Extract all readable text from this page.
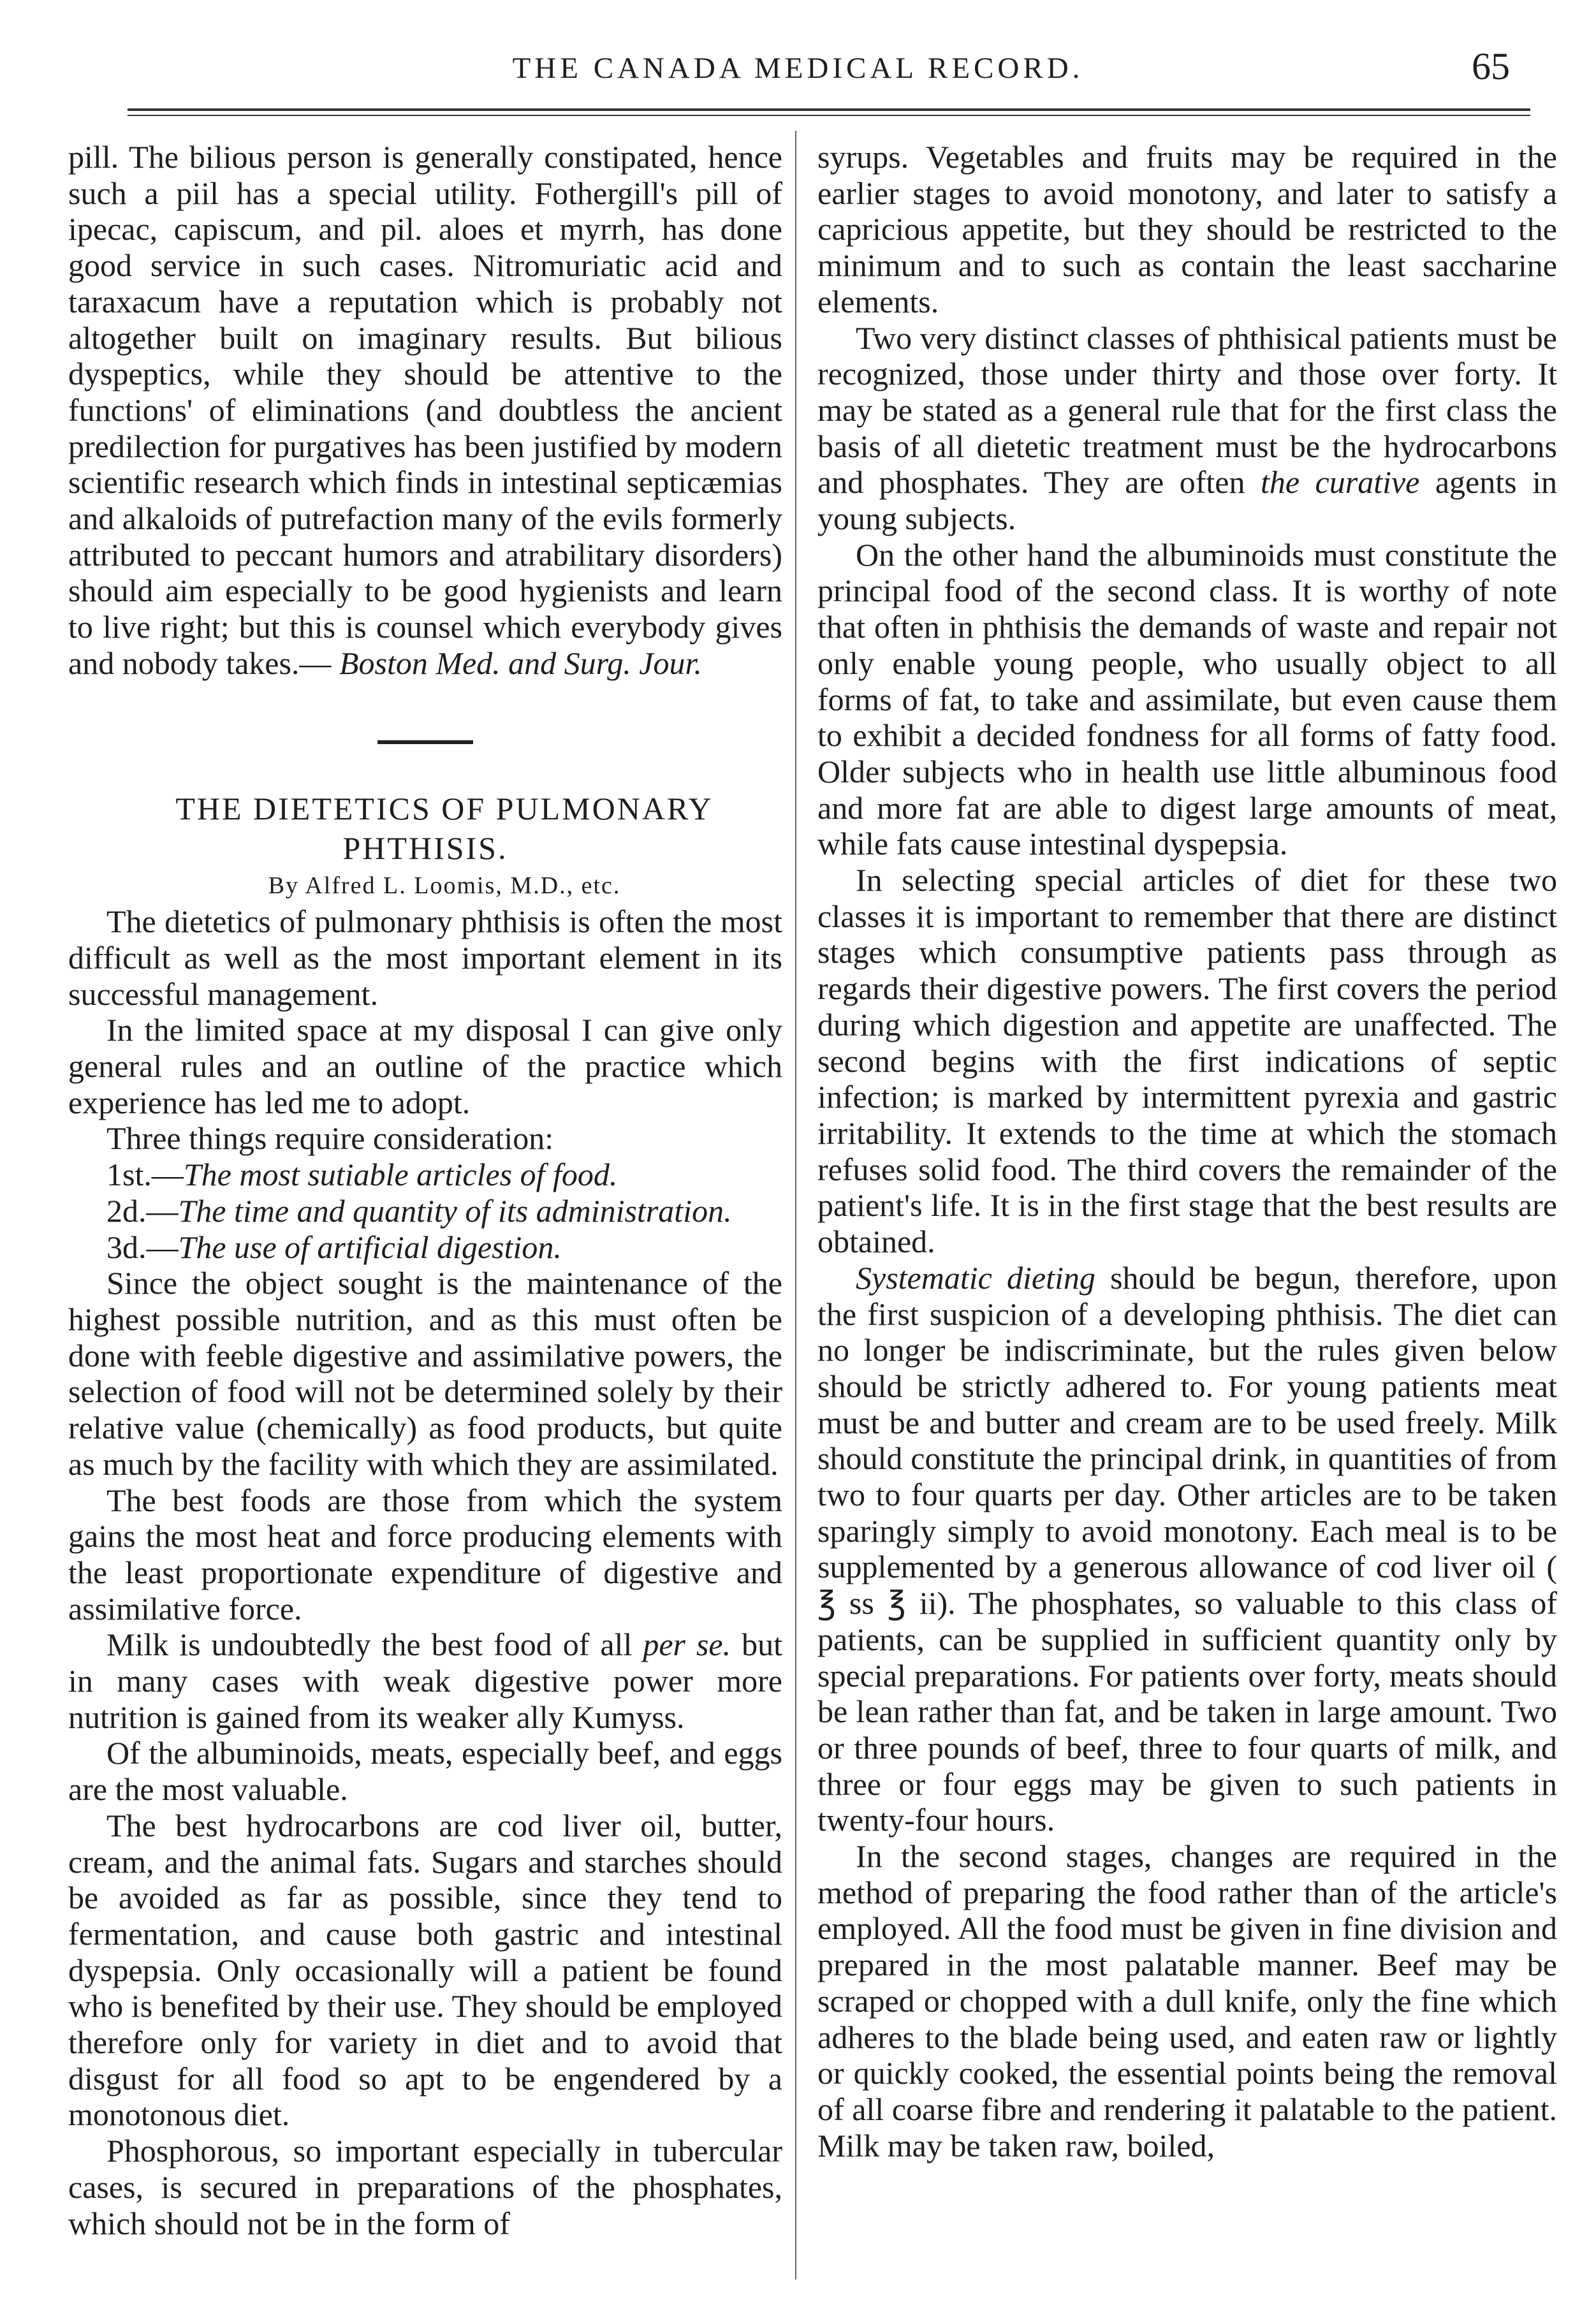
THE CANADA MEDICAL RECORD.	65

pill. The bilious person is generally constipated, hence such a piil has a special utility. Fothergill's pill of ipecac, capiscum, and pil. aloes et myrrh, has done good service in such cases. Nitromuriatic acid and taraxacum have a reputation which is probably not altogether built on imaginary results. But bilious dyspeptics, while they should be attentive to the functions' of eliminations (and doubtless the ancient predilection for purgatives has been justified by modern scientific research which finds in intestinal septicæmias and alkaloids of putrefaction many of the evils formerly attributed to peccant humors and atrabilitary disorders) should aim especially to be good hygienists and learn to live right; but this is counsel which everybody gives and nobody takes.— Boston Med. and Surg. Jour.

THE DIETETICS OF PULMONARY
PHTHISIS.

By Alfred L. Loomis, M.D., etc.

The dietetics of pulmonary phthisis is often the most difficult as well as the most important element in its successful management.

In the limited space at my disposal I can give only general rules and an outline of the practice which experience has led me to adopt.

Three things require consideration:

1st.—The most sutiable articles of food.

2d.—The time and quantity of its administration.

3d.—The use of artificial digestion.

Since the object sought is the maintenance of the highest possible nutrition, and as this must often be done with feeble digestive and assimilative powers, the selection of food will not be determined solely by their relative value (chemically) as food products, but quite as much by the facility with which they are assimilated.

The best foods are those from which the system gains the most heat and force producing elements with the least proportionate expenditure of digestive and assimilative force.

Milk is undoubtedly the best food of all per se. but in many cases with weak digestive power more nutrition is gained from its weaker ally Kumyss.

Of the albuminoids, meats, especially beef, and eggs are the most valuable.

The best hydrocarbons are cod liver oil, butter, cream, and the animal fats. Sugars and starches should be avoided as far as possible, since they tend to fermentation, and cause both gastric and intestinal dyspepsia. Only occasionally will a patient be found who is benefited by their use. They should be employed therefore only for variety in diet and to avoid that disgust for all food so apt to be engendered by a monotonous diet.

Phosphorous, so important especially in tubercular cases, is secured in preparations of the phosphates, which should not be in the form of

syrups. Vegetables and fruits may be required in the earlier stages to avoid monotony, and later to satisfy a capricious appetite, but they should be restricted to the minimum and to such as contain the least saccharine elements.

Two very distinct classes of phthisical patients must be recognized, those under thirty and those over forty. It may be stated as a general rule that for the first class the basis of all dietetic treatment must be the hydrocarbons and phosphates. They are often the curative agents in young subjects.

On the other hand the albuminoids must constitute the principal food of the second class. It is worthy of note that often in phthisis the demands of waste and repair not only enable young people, who usually object to all forms of fat, to take and assimilate, but even cause them to exhibit a decided fondness for all forms of fatty food. Older subjects who in health use little albuminous food and more fat are able to digest large amounts of meat, while fats cause intestinal dyspepsia.

In selecting special articles of diet for these two classes it is important to remember that there are distinct stages which consumptive patients pass through as regards their digestive powers. The first covers the period during which digestion and appetite are unaffected. The second begins with the first indications of septic infection; is marked by intermittent pyrexia and gastric irritability. It extends to the time at which the stomach refuses solid food. The third covers the remainder of the patient's life. It is in the first stage that the best results are obtained.

Systematic dieting should be begun, therefore, upon the first suspicion of a developing phthisis. The diet can no longer be indiscriminate, but the rules given below should be strictly adhered to. For young patients meat must be and butter and cream are to be used freely. Milk should constitute the principal drink, in quantities of from two to four quarts per day. Other articles are to be taken sparingly simply to avoid monotony. Each meal is to be supplemented by a generous allowance of cod liver oil ( ℥ ss ℥ ii). The phosphates, so valuable to this class of patients, can be supplied in sufficient quantity only by special preparations. For patients over forty, meats should be lean rather than fat, and be taken in large amount. Two or three pounds of beef, three to four quarts of milk, and three or four eggs may be given to such patients in twenty-four hours.

In the second stages, changes are required in the method of preparing the food rather than of the article's employed. All the food must be given in fine division and prepared in the most palatable manner. Beef may be scraped or chopped with a dull knife, only the fine which adheres to the blade being used, and eaten raw or lightly or quickly cooked, the essential points being the removal of all coarse fibre and rendering it palatable to the patient. Milk may be taken raw, boiled,
